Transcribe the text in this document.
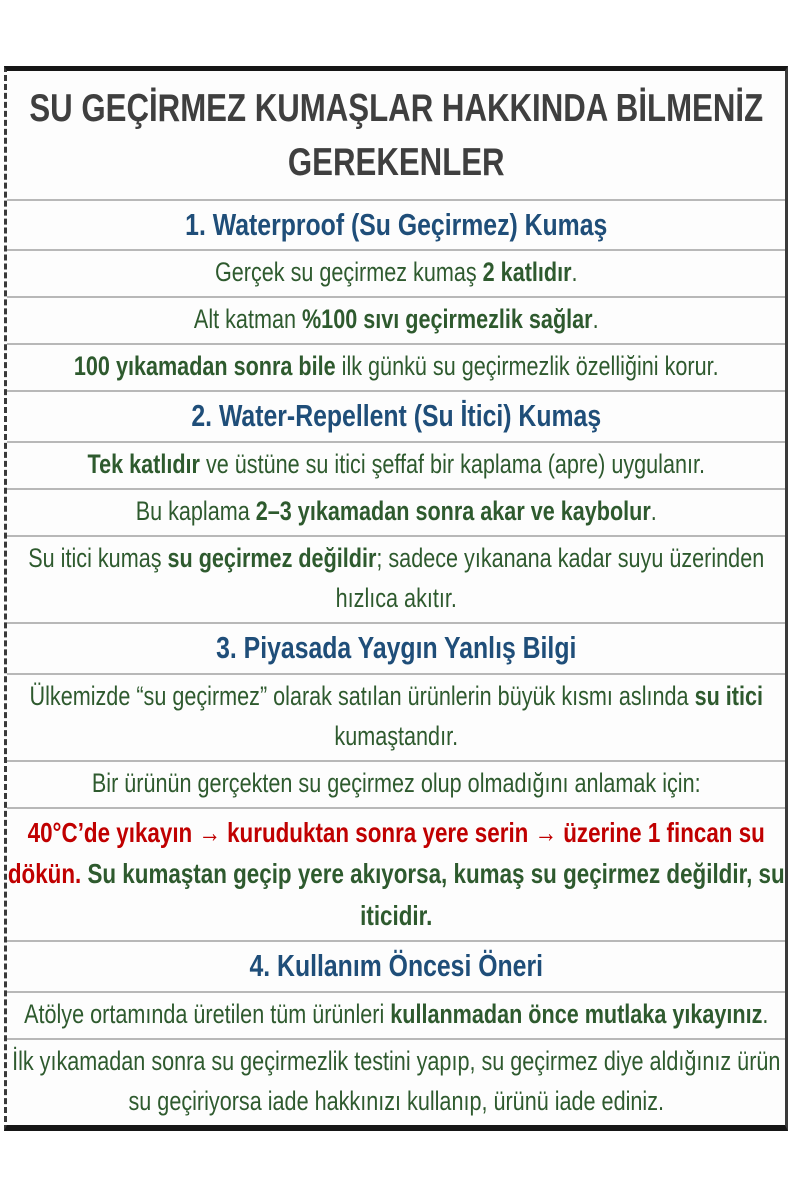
SU GEÇİRMEZ KUMAŞLAR HAKKINDA BİLMENİZ GEREKENLER
1. Waterproof (Su Geçirmez) Kumaş
Gerçek su geçirmez kumaş 2 katlıdır.
Alt katman %100 sıvı geçirmezlik sağlar.
100 yıkamadan sonra bile ilk günkü su geçirmezlik özelliğini korur.
2. Water-Repellent (Su İtici) Kumaş
Tek katlıdır ve üstüne su itici şeffaf bir kaplama (apre) uygulanır.
Bu kaplama 2–3 yıkamadan sonra akar ve kaybolur.
Su itici kumaş su geçirmez değildir; sadece yıkanana kadar suyu üzerinden hızlıca akıtır.
3. Piyasada Yaygın Yanlış Bilgi
Ülkemizde “su geçirmez” olarak satılan ürünlerin büyük kısmı aslında su itici kumaştandır.
Bir ürünün gerçekten su geçirmez olup olmadığını anlamak için:
40°C’de yıkayın → kuruduktan sonra yere serin → üzerine 1 fincan su dökün. Su kumaştan geçip yere akıyorsa, kumaş su geçirmez değildir, su iticidir.
4. Kullanım Öncesi Öneri
Atölye ortamında üretilen tüm ürünleri kullanmadan önce mutlaka yıkayınız.
İlk yıkamadan sonra su geçirmezlik testini yapıp, su geçirmez diye aldığınız ürün su geçiriyorsa iade hakkınızı kullanıp, ürünü iade ediniz.
